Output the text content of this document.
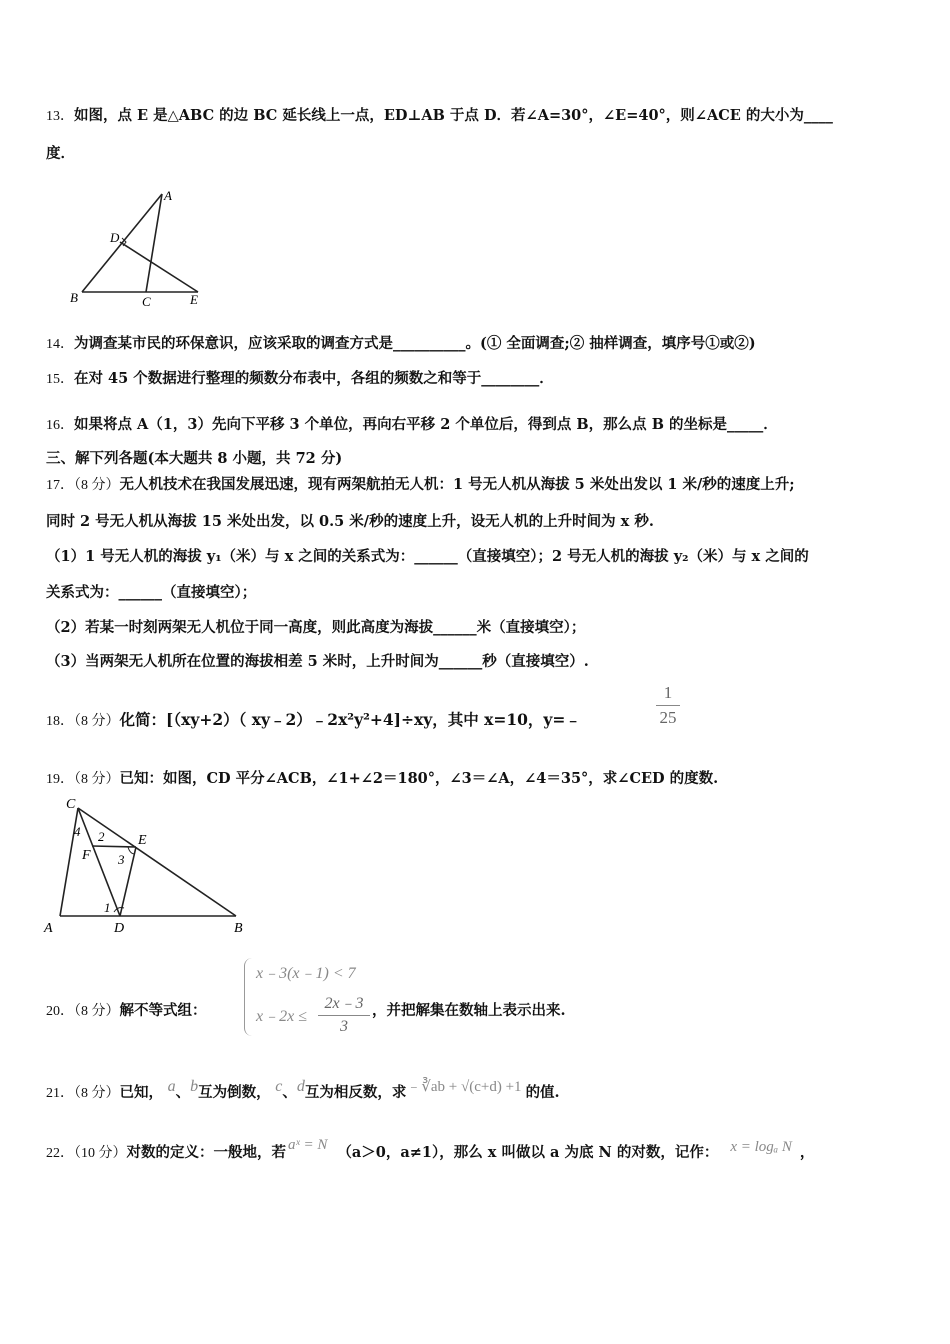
13．如图，点 E 是△ABC 的边 BC 延长线上一点，ED⊥AB 于点 D．若∠A=30°，∠E=40°，则∠ACE 的大小为____
度．
A
D
B	C	E
14．为调查某市民的环保意识，应该采取的调查方式是__________。(① 全面调查;② 抽样调查，填序号①或②)
15．在对 45 个数据进行整理的频数分布表中，各组的频数之和等于________．
16．如果将点 A（1，3）先向下平移 3 个单位，再向右平移 2 个单位后，得到点 B，那么点 B 的坐标是_____．
三、解下列各题(本大题共 8 小题，共 72 分)
17．（8 分）无人机技术在我国发展迅速，现有两架航拍无人机：1 号无人机从海拔 5 米处出发以 1 米/秒的速度上升;
同时 2 号无人机从海拔 15 米处出发，以 0.5 米/秒的速度上升，设无人机的上升时间为 x 秒.
（1）1 号无人机的海拔 y₁（米）与 x 之间的关系式为：______（直接填空）；2 号无人机的海拔 y₂（米）与 x 之间的
关系式为：______（直接填空）；
（2）若某一时刻两架无人机位于同一高度，则此高度为海拔______米（直接填空）；
（3）当两架无人机所在位置的海拔相差 5 米时，上升时间为______秒（直接填空）.
18．（8 分）化简：[（xy+2）（ xy﹣2）﹣2x²y²+4]÷xy，其中 x=10，y=﹣
1
25
19．（8 分）已知：如图，CD 平分∠ACB，∠1+∠2＝180°，∠3＝∠A，∠4＝35°，求∠CED 的度数.
C
4 2 E
F 3
1
A	D	B
20．（8 分）解不等式组：
x﹣3(x﹣1) < 7
x﹣2x ≤
2x﹣3
3
，并把解集在数轴上表示出来.
21．（8 分）已知， a、b互为倒数， c、d互为相反数，求﹣∛ab + √(c+d) +1 的值.
22．（10 分）对数的定义：一般地，若 aˣ = N （a＞0，a≠1），那么 x 叫做以 a 为底 N 的对数，记作： x = logₐ N ，
